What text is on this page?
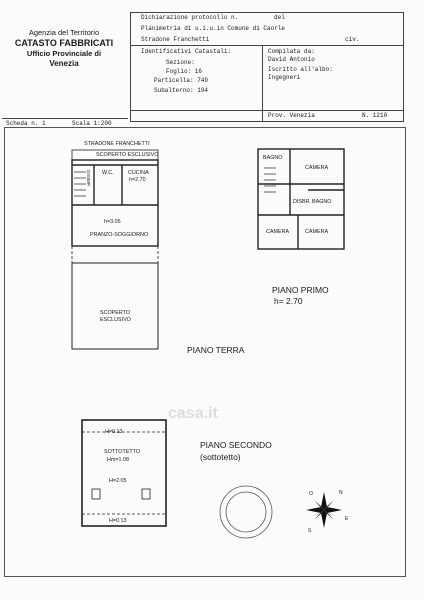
Agenzia del Territorio
CATASTO FABBRICATI
Ufficio Provinciale di
Venezia
Dichiarazione protocollo n.	del
Planimetria di u.i.u.in Comune di Caorle
Stradone Franchetti	civ.
Identificativi Catastali:
Sezione:
Foglio: 16
Particella: 749
Subalterno: 194
Compilata da:
David Antonio
Iscritto all'albo:
Ingegneri
Prov. Venezia	N. 1210
Scheda n. 1	Scala 1:200
STRADONE FRANCHETTI
SCOPERTO ESCLUSIVO
DISIMP. W.C.	CUCINA
h=2.70
h=3.05
PRANZO-SOGGIORNO
SCOPERTO
ESCLUSIVO
PIANO TERRA
BAGNO
CAMERA
DISBR. BAGNO
CAMERA	CAMERA
PIANO PRIMO
h= 2.70
H=0.13
SOTTOTETTO
Hm=1.08
H=2.05
H=0.13
PIANO SECONDO
(sottotetto)
N
S
E
O
casa.it
